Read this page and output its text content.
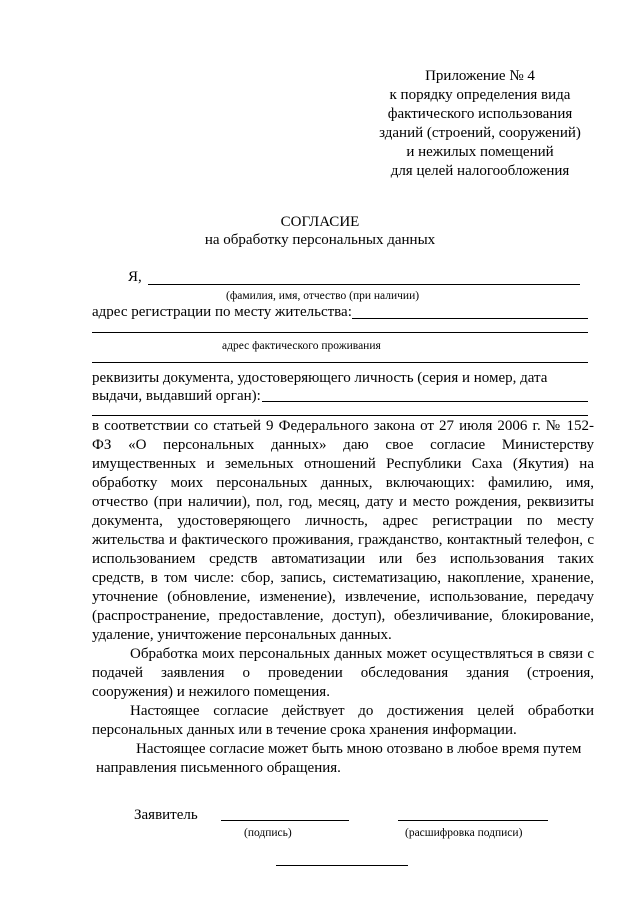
Приложение № 4
к порядку определения вида
фактического использования
зданий (строений, сооружений)
и нежилых помещений
для целей налогообложения
СОГЛАСИЕ
на обработку персональных данных
Я,
(фамилия, имя, отчество (при наличии)
адрес регистрации по месту жительства:
адрес фактического проживания
реквизиты документа, удостоверяющего личность (серия и номер, дата
выдачи, выдавший орган):
в соответствии со статьей 9 Федерального закона от 27 июля 2006 г. № 152-
ФЗ «О персональных данных» даю свое согласие Министерству
имущественных и земельных отношений Республики Саха (Якутия) на
обработку моих персональных данных, включающих: фамилию, имя,
отчество (при наличии), пол, год, месяц, дату и место рождения, реквизиты
документа, удостоверяющего личность, адрес регистрации по месту
жительства и фактического проживания, гражданство, контактный телефон, с
использованием средств автоматизации или без использования таких
средств, в том числе: сбор, запись, систематизацию, накопление, хранение,
уточнение (обновление, изменение), извлечение, использование, передачу
(распространение, предоставление, доступ), обезличивание, блокирование,
удаление, уничтожение персональных данных.
Обработка моих персональных данных может осуществляться в связи с
подачей заявления о проведении обследования здания (строения,
сооружения) и нежилого помещения.
Настоящее согласие действует до достижения целей обработки
персональных данных или в течение срока хранения информации.
Настоящее согласие может быть мною отозвано в любое время путем
направления письменного обращения.
Заявитель
(подпись)	(расшифровка подписи)
